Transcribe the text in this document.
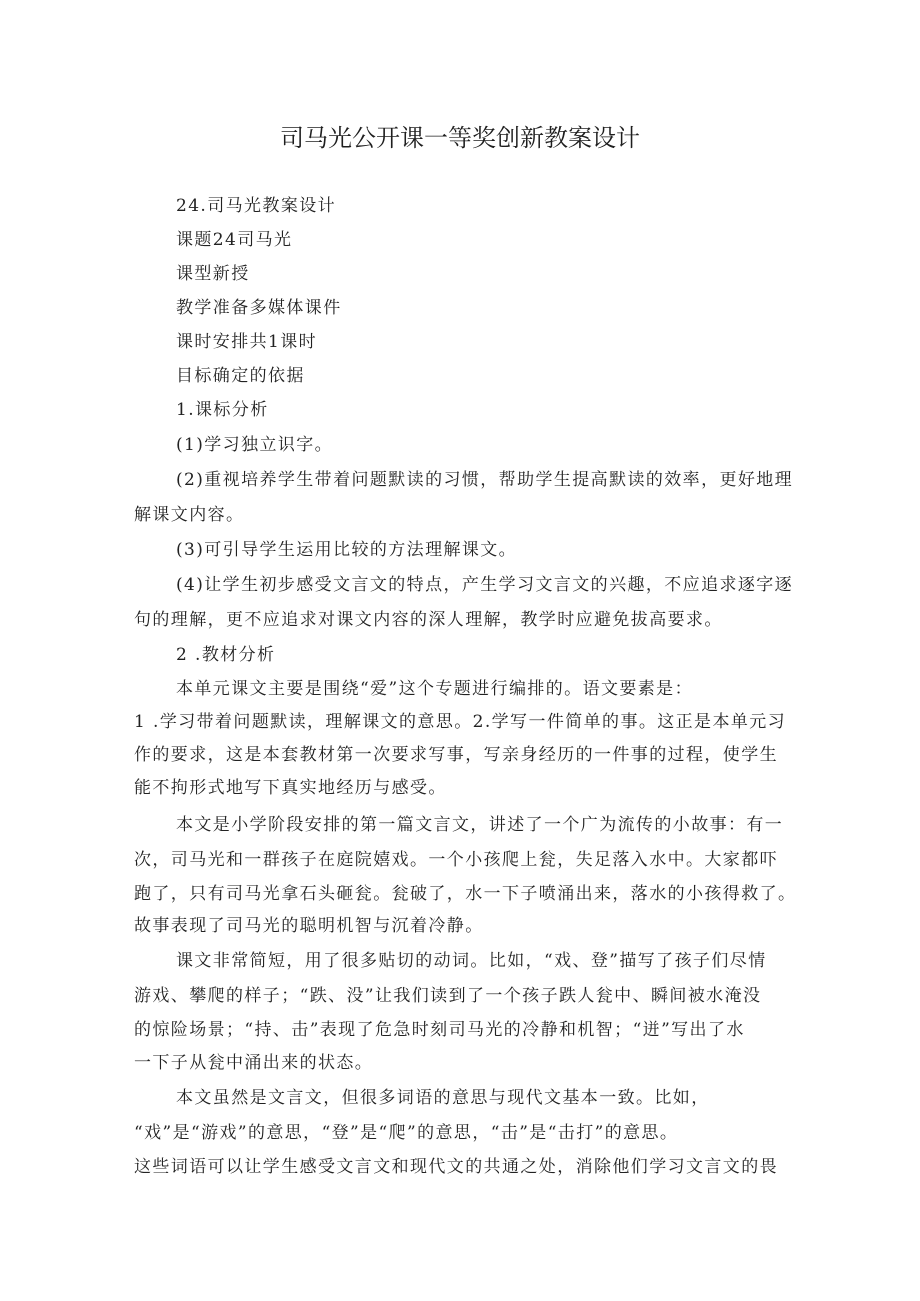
司马光公开课一等奖创新教案设计
24.司马光教案设计
课题24司马光
课型新授
教学准备多媒体课件
课时安排共1课时
目标确定的依据
1.课标分析
(1)学习独立识字。
(2)重视培养学生带着问题默读的习惯，帮助学生提高默读的效率，更好地理
解课文内容。
(3)可引导学生运用比较的方法理解课文。
(4)让学生初步感受文言文的特点，产生学习文言文的兴趣，不应追求逐字逐
句的理解，更不应追求对课文内容的深人理解，教学时应避免拔高要求。
2 .教材分析
本单元课文主要是围绕“爱”这个专题进行编排的。语文要素是：
1 .学习带着问题默读，理解课文的意思。2.学写一件简单的事。这正是本单元习
作的要求，这是本套教材第一次要求写事，写亲身经历的一件事的过程，使学生
能不拘形式地写下真实地经历与感受。
本文是小学阶段安排的第一篇文言文，讲述了一个广为流传的小故事：有一
次，司马光和一群孩子在庭院嬉戏。一个小孩爬上瓮，失足落入水中。大家都吓
跑了，只有司马光拿石头砸瓮。瓮破了，水一下子喷涌出来，落水的小孩得救了。
故事表现了司马光的聪明机智与沉着冷静。
课文非常简短，用了很多贴切的动词。比如，“戏、登”描写了孩子们尽情
游戏、攀爬的样子；“跌、没”让我们读到了一个孩子跌人瓮中、瞬间被水淹没
的惊险场景；“持、击”表现了危急时刻司马光的冷静和机智；“迸”写出了水
一下子从瓮中涌出来的状态。
本文虽然是文言文，但很多词语的意思与现代文基本一致。比如，
“戏”是“游戏”的意思，“登”是“爬”的意思，“击”是“击打”的意思。
这些词语可以让学生感受文言文和现代文的共通之处，消除他们学习文言文的畏
